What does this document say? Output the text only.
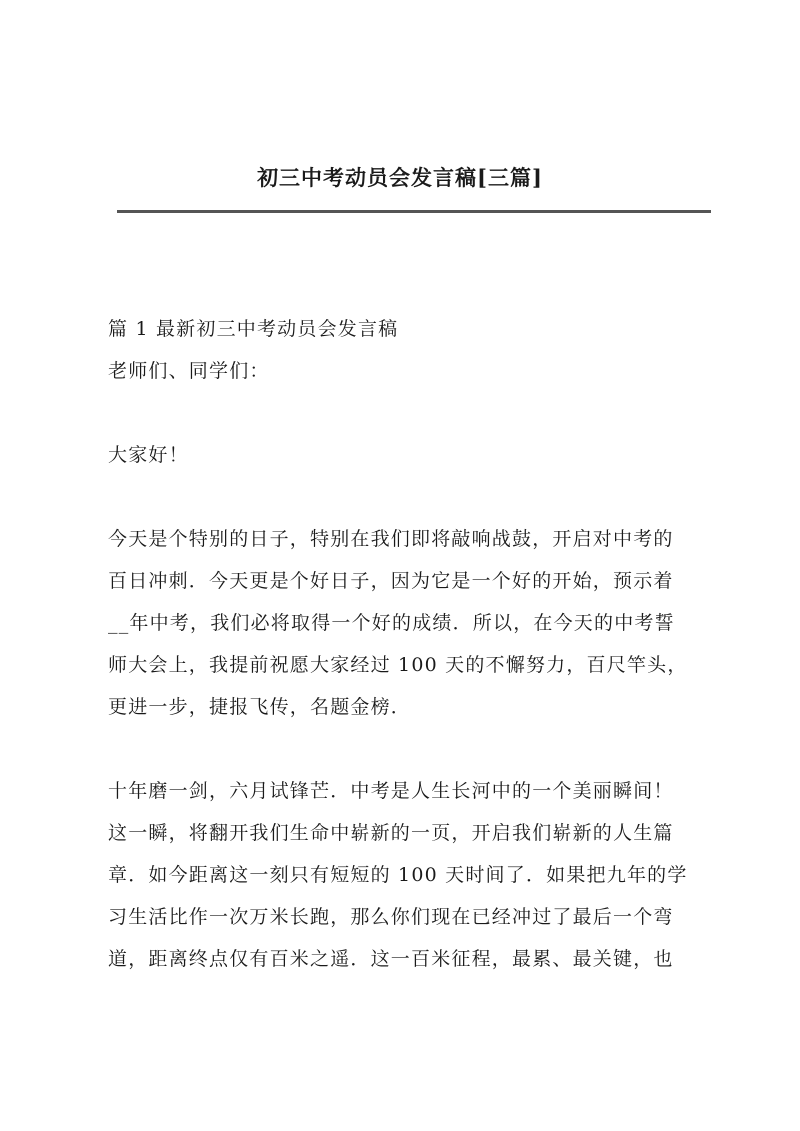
初三中考动员会发言稿[三篇]
篇 1 最新初三中考动员会发言稿
老师们、同学们：
大家好！
今天是个特别的日子，特别在我们即将敲响战鼓，开启对中考的
百日冲刺．今天更是个好日子，因为它是一个好的开始，预示着
__年中考，我们必将取得一个好的成绩．所以，在今天的中考誓
师大会上，我提前祝愿大家经过 100 天的不懈努力，百尺竿头，
更进一步，捷报飞传，名题金榜．
十年磨一剑，六月试锋芒．中考是人生长河中的一个美丽瞬间！
这一瞬，将翻开我们生命中崭新的一页，开启我们崭新的人生篇
章．如今距离这一刻只有短短的 100 天时间了．如果把九年的学
习生活比作一次万米长跑，那么你们现在已经冲过了最后一个弯
道，距离终点仅有百米之遥．这一百米征程，最累、最关键，也
